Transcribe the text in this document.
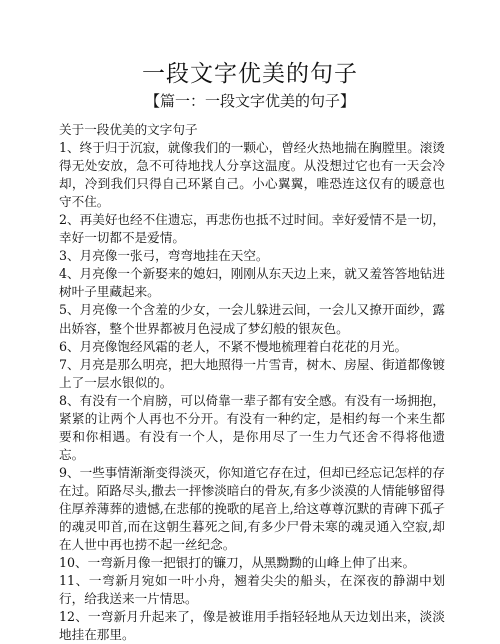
一段文字优美的句子
【篇一：一段文字优美的句子】

关于一段优美的文字句子

1、终于归于沉寂，就像我们的一颗心，曾经火热地揣在胸膛里。滚烫得无处安放，急不可待地找人分享这温度。从没想过它也有一天会冷却，冷到我们只得自己环紧自己。小心翼翼，唯恐连这仅有的暖意也守不住。

2、再美好也经不住遗忘，再悲伤也抵不过时间。幸好爱情不是一切，幸好一切都不是爱情。

3、月亮像一张弓，弯弯地挂在天空。

4、月亮像一个新娶来的媳妇，刚刚从东天边上来，就又羞答答地钻进树叶子里藏起来。

5、月亮像一个含羞的少女，一会儿躲进云间，一会儿又撩开面纱，露出娇容，整个世界都被月色浸成了梦幻般的银灰色。

6、月亮像饱经风霜的老人，不紧不慢地梳理着白花花的月光。

7、月亮是那么明亮，把大地照得一片雪青，树木、房屋、街道都像镀上了一层水银似的。

8、有没有一个肩膀，可以倚靠一辈子都有安全感。有没有一场拥抱，紧紧的让两个人再也不分开。有没有一种约定，是相约每一个来生都要和你相遇。有没有一个人，是你用尽了一生力气还舍不得将他遗忘。

9、一些事情渐渐变得淡灭，你知道它存在过，但却已经忘记怎样的存在过。陌路尽头,撒去一抨惨淡暗白的骨灰,有多少淡漠的人情能够留得住厚养薄葬的遗憾,在悲郁的挽歌的尾音上,给这尊尊沉默的青碑下孤孑的魂灵叩首,而在这朝生暮死之间,有多少尸骨未寒的魂灵通入空寂,却在人世中再也捞不起一丝纪念。

10、一弯新月像一把银打的镰刀，从黑黝黝的山峰上伸了出来。

11、一弯新月宛如一叶小舟，翘着尖尖的船头，在深夜的静湖中划行，给我送来一片情思。

12、一弯新月升起来了，像是被谁用手指轻轻地从天边划出来，淡淡地挂在那里。
